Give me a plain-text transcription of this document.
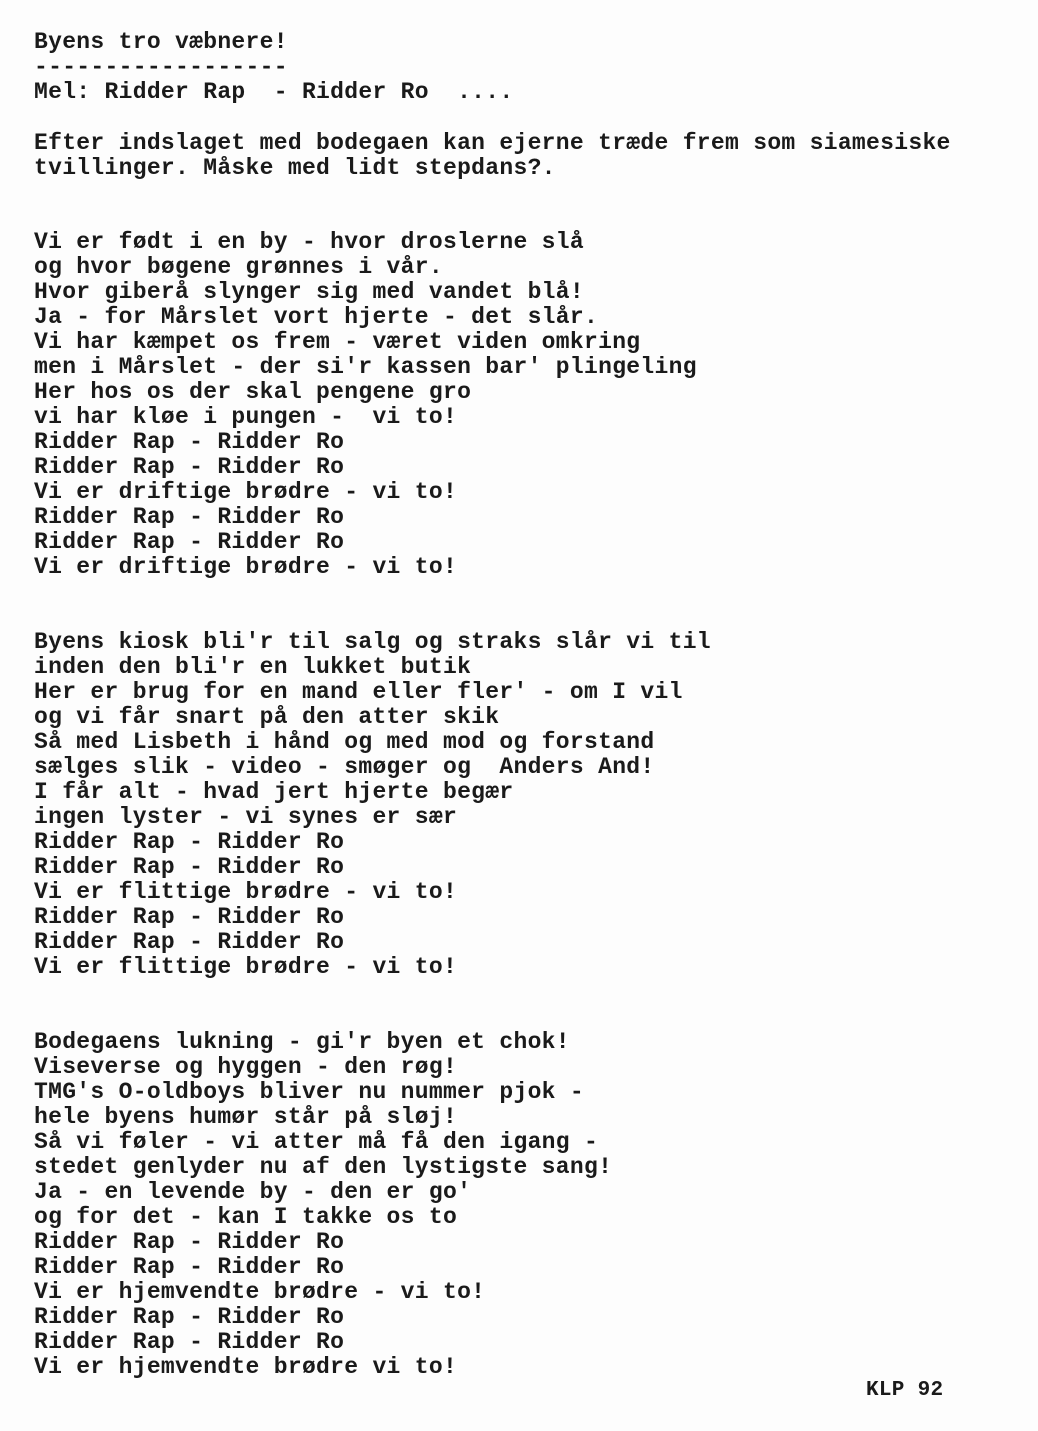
Byens tro væbnere!
------------------
Mel: Ridder Rap  - Ridder Ro  ....
Efter indslaget med bodegaen kan ejerne træde frem som siamesiske
tvillinger. Måske med lidt stepdans?.
Vi er født i en by - hvor droslerne slå
og hvor bøgene grønnes i vår.
Hvor giberå slynger sig med vandet blå!
Ja - for Mårslet vort hjerte - det slår.
Vi har kæmpet os frem - været viden omkring
men i Mårslet - der si'r kassen bar' plingeling
Her hos os der skal pengene gro
vi har kløe i pungen -  vi to!
Ridder Rap - Ridder Ro
Ridder Rap - Ridder Ro
Vi er driftige brødre - vi to!
Ridder Rap - Ridder Ro
Ridder Rap - Ridder Ro
Vi er driftige brødre - vi to!
Byens kiosk bli'r til salg og straks slår vi til
inden den bli'r en lukket butik
Her er brug for en mand eller fler' - om I vil
og vi får snart på den atter skik
Så med Lisbeth i hånd og med mod og forstand
sælges slik - video - smøger og  Anders And!
I får alt - hvad jert hjerte begær
ingen lyster - vi synes er sær
Ridder Rap - Ridder Ro
Ridder Rap - Ridder Ro
Vi er flittige brødre - vi to!
Ridder Rap - Ridder Ro
Ridder Rap - Ridder Ro
Vi er flittige brødre - vi to!
Bodegaens lukning - gi'r byen et chok!
Viseverse og hyggen - den røg!
TMG's O-oldboys bliver nu nummer pjok -
hele byens humør står på sløj!
Så vi føler - vi atter må få den igang -
stedet genlyder nu af den lystigste sang!
Ja - en levende by - den er go'
og for det - kan I takke os to
Ridder Rap - Ridder Ro
Ridder Rap - Ridder Ro
Vi er hjemvendte brødre - vi to!
Ridder Rap - Ridder Ro
Ridder Rap - Ridder Ro
Vi er hjemvendte brødre vi to!
KLP 92
